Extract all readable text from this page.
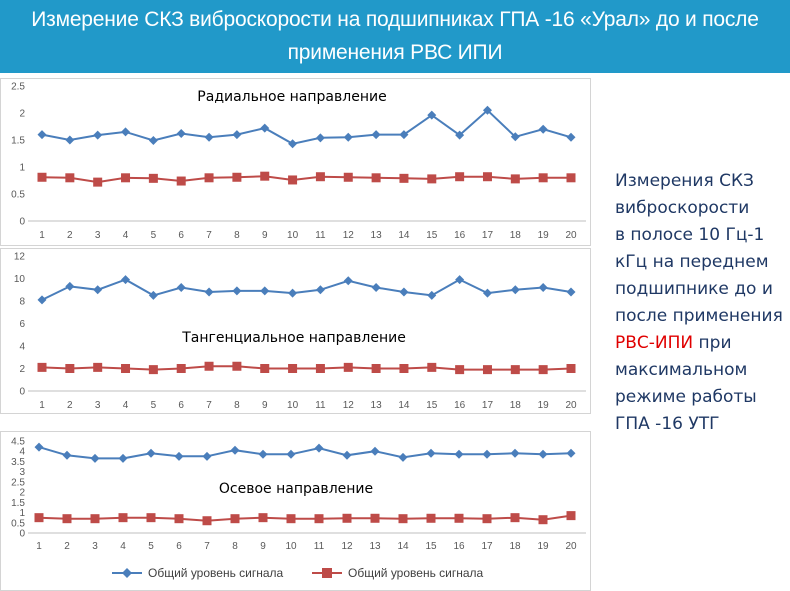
Измерение СКЗ виброскорости на подшипниках ГПА -16 «Урал» до и после
применения РВС ИПИ
0
0.5
1
1.5
2
2.5
1 2 3 4 5 6 7 8 9 10 11 12 13 14 15 16 17 18 19 20
Радиальное направление
0
2
4
6
8
10
12
1 2 3 4 5 6 7 8 9 10 11 12 13 14 15 16 17 18 19 20
Тангенциальное направление
0
0.5
1
1.5
2
2.5
3
3.5
4
4.5
1 2 3 4 5 6 7 8 9 10 11 12 13 14 15 16 17 18 19 20
Осевое направление
Измерения СКЗ
виброскорости
в полосе 10 Гц-1
кГц на переднем
подшипнике до и
после применения
РВС-ИПИ при
максимальном
режиме работы
ГПА -16 УТГ
Общий уровень сигнала	Общий уровень сигнала
